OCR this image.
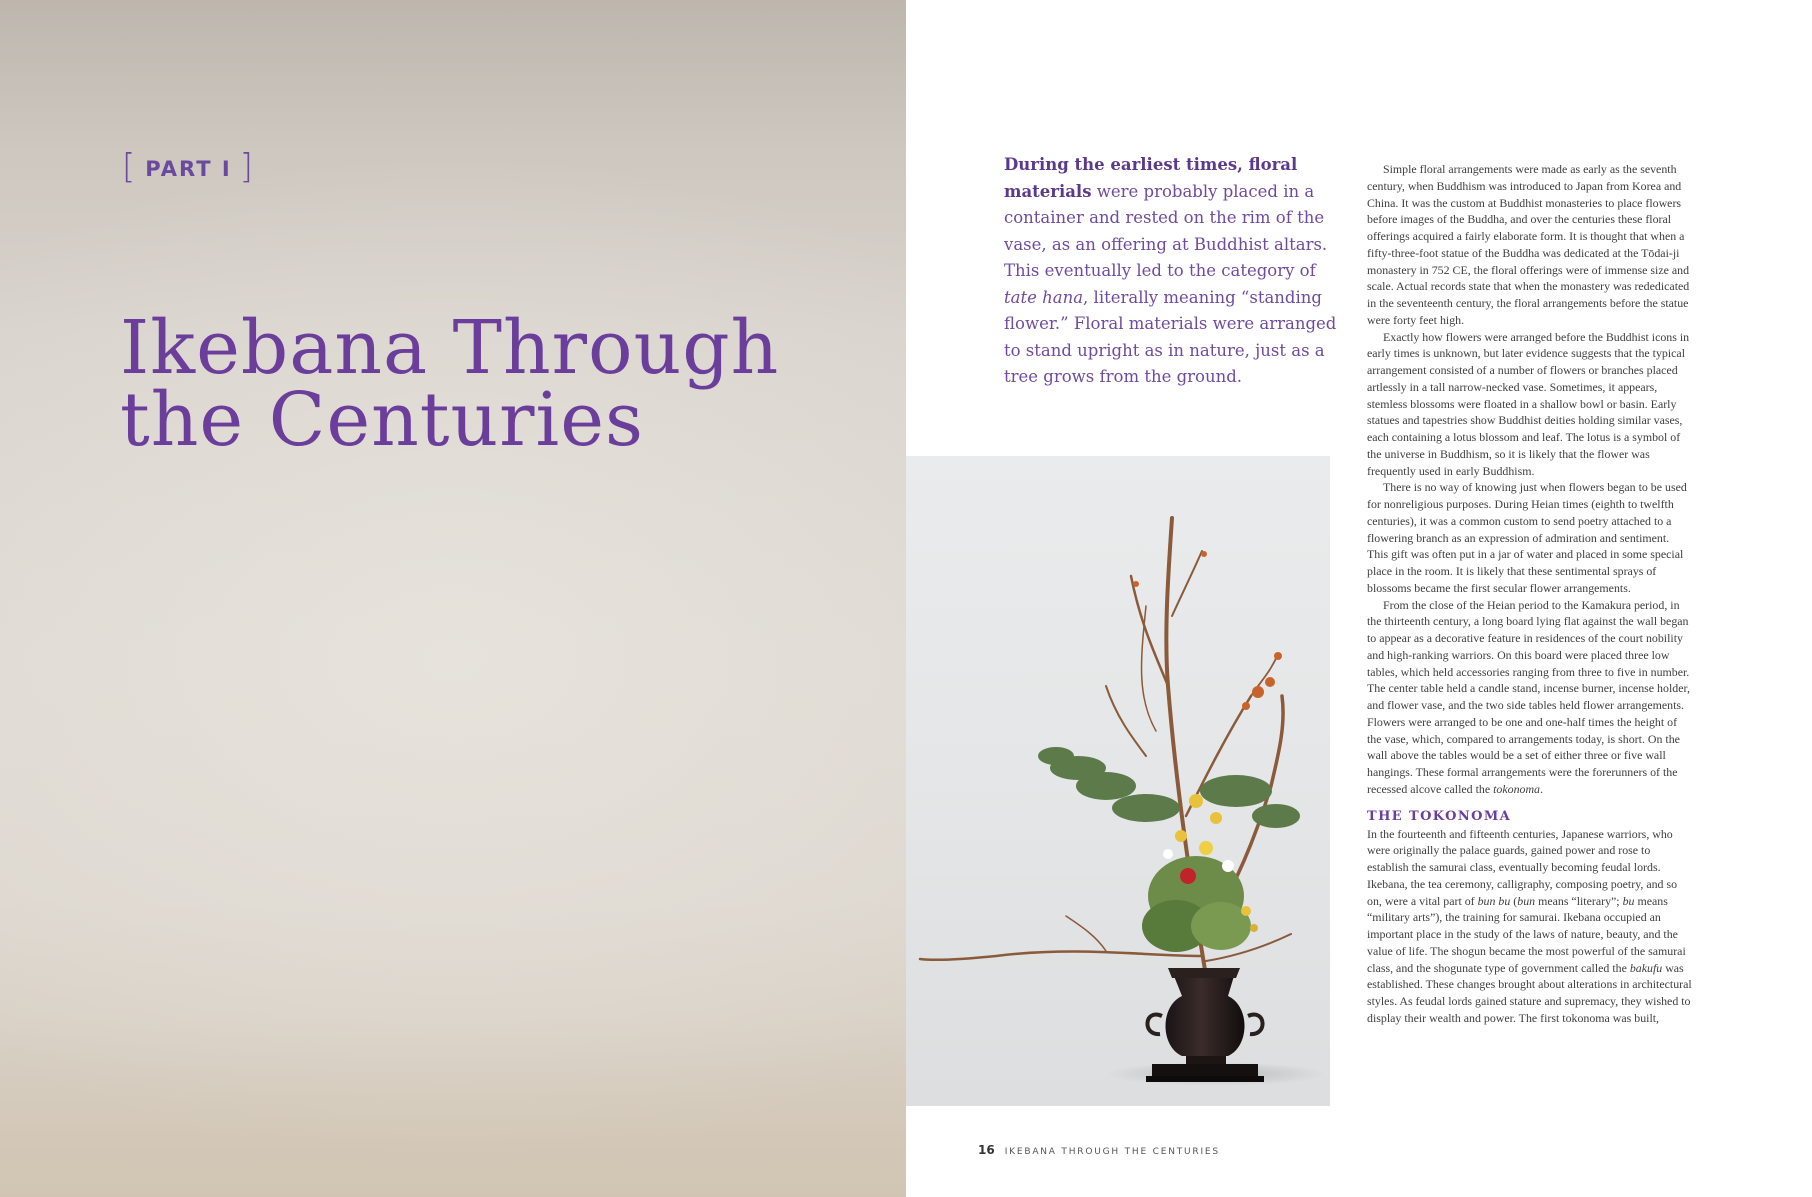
[ PART I ]
Ikebana Through
the Centuries

During the earliest times, floral materials were probably placed in a container and rested on the rim of the vase, as an offering at Buddhist altars. This eventually led to the category of tate hana, literally meaning “standing flower.” Floral materials were arranged to stand upright as in nature, just as a tree grows from the ground.

Simple floral arrangements were made as early as the seventh century, when Buddhism was introduced to Japan from Korea and China. It was the custom at Buddhist monasteries to place flowers before images of the Buddha, and over the centuries these floral offerings acquired a fairly elaborate form. It is thought that when a fifty-three-foot statue of the Buddha was dedicated at the Tōdai-ji monastery in 752 CE, the floral offerings were of immense size and scale. Actual records state that when the monastery was rededicated in the seventeenth century, the floral arrangements before the statue were forty feet high.

Exactly how flowers were arranged before the Buddhist icons in early times is unknown, but later evidence suggests that the typical arrangement consisted of a number of flowers or branches placed artlessly in a tall narrow-necked vase. Sometimes, it appears, stemless blossoms were floated in a shallow bowl or basin. Early statues and tapestries show Buddhist deities holding similar vases, each containing a lotus blossom and leaf. The lotus is a symbol of the universe in Buddhism, so it is likely that the flower was frequently used in early Buddhism.

There is no way of knowing just when flowers began to be used for nonreligious purposes. During Heian times (eighth to twelfth centuries), it was a common custom to send poetry attached to a flowering branch as an expression of admiration and sentiment. This gift was often put in a jar of water and placed in some special place in the room. It is likely that these sentimental sprays of blossoms became the first secular flower arrangements.

From the close of the Heian period to the Kamakura period, in the thirteenth century, a long board lying flat against the wall began to appear as a decorative feature in residences of the court nobility and high-ranking warriors. On this board were placed three low tables, which held accessories ranging from three to five in number. The center table held a candle stand, incense burner, incense holder, and flower vase, and the two side tables held flower arrangements. Flowers were arranged to be one and one-half times the height of the vase, which, compared to arrangements today, is short. On the wall above the tables would be a set of either three or five wall hangings. These formal arrangements were the forerunners of the recessed alcove called the tokonoma.

THE TOKONOMA

In the fourteenth and fifteenth centuries, Japanese warriors, who were originally the palace guards, gained power and rose to establish the samurai class, eventually becoming feudal lords. Ikebana, the tea ceremony, calligraphy, composing poetry, and so on, were a vital part of bun bu (bun means “literary”; bu means “military arts”), the training for samurai. Ikebana occupied an important place in the study of the laws of nature, beauty, and the value of life. The shogun became the most powerful of the samurai class, and the shogunate type of government called the bakufu was established. These changes brought about alterations in architectural styles. As feudal lords gained stature and supremacy, they wished to display their wealth and power. The first tokonoma was built,

16 IKEBANA THROUGH THE CENTURIES
